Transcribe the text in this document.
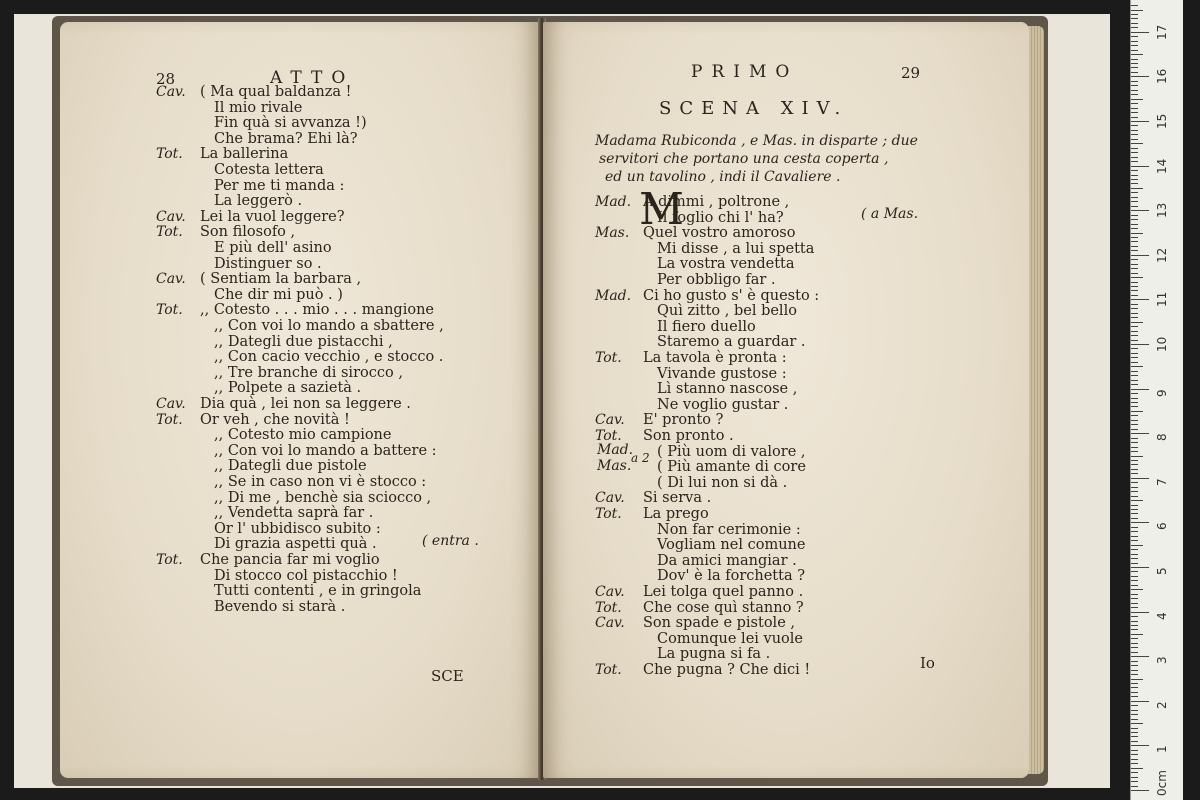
28	ATTO
Cav. ( Ma qual baldanza !
Il mio rivale
Fin quà si avvanza !)
Che brama? Ehi là?
Tot. La ballerina
Cotesta lettera
Per me ti manda :
La leggerò .
Cav. Lei la vuol leggere?
Tot. Son filosofo ,
E più dell' asino
Distinguer so .
Cav. ( Sentiam la barbara ,
Che dir mi può . )
Tot. ,, Cotesto . . . mio . . . mangione
,, Con voi lo mando a sbattere ,
,, Dategli due pistacchi ,
,, Con cacio vecchio , e stocco .
,, Tre branche di sirocco ,
,, Polpete a sazietà .
Cav. Dia quà , lei non sa leggere .
Tot. Or veh , che novità !
,, Cotesto mio campione
,, Con voi lo mando a battere :
,, Dategli due pistole
,, Se in caso non vi è stocco :
,, Di me , benchè sia sciocco ,
,, Vendetta saprà far .
Or l' ubbidisco subito :
Di grazia aspetti quà .
Tot. Che pancia far mi voglio
Di stocco col pistacchio !
Tutti contenti , e in gringola
Bevendo si starà .
( entra .
SCE
PRIMO	29
SCENA XIV.
Madama Rubiconda , e Mas. in disparte ; due
servitori che portano una cesta coperta ,
ed un tavolino , indi il Cavaliere .
M
Mad. A dimmi , poltrone ,
Il foglio chi l' ha?
Mas. Quel vostro amoroso
Mi disse , a lui spetta
La vostra vendetta
Per obbligo far .
Mad. Ci ho gusto s' è questo :
Quì zitto , bel bello
Il fiero duello
Staremo a guardar .
Tot. La tavola è pronta :
Vivande gustose :
Lì stanno nascose ,
Ne voglio gustar .
Cav. E' pronto ?
Tot. Son pronto .
( Più uom di valore ,
( Più amante di core
( Di lui non si dà .
Cav. Si serva .
Tot. La prego
Non far cerimonie :
Vogliam nel comune
Da amici mangiar .
Dov' è la forchetta ?
Cav. Lei tolga quel panno .
Tot. Che cose quì stanno ?
Cav. Son spade e pistole ,
Comunque lei vuole
La pugna si fa .
Tot. Che pugna ? Che dici !
( a Mas.
Mad.
Mas. a 2
Io
0cm
1
2
3
4
5
6
7
8
9
10
11
12
13
14
15
16
17
